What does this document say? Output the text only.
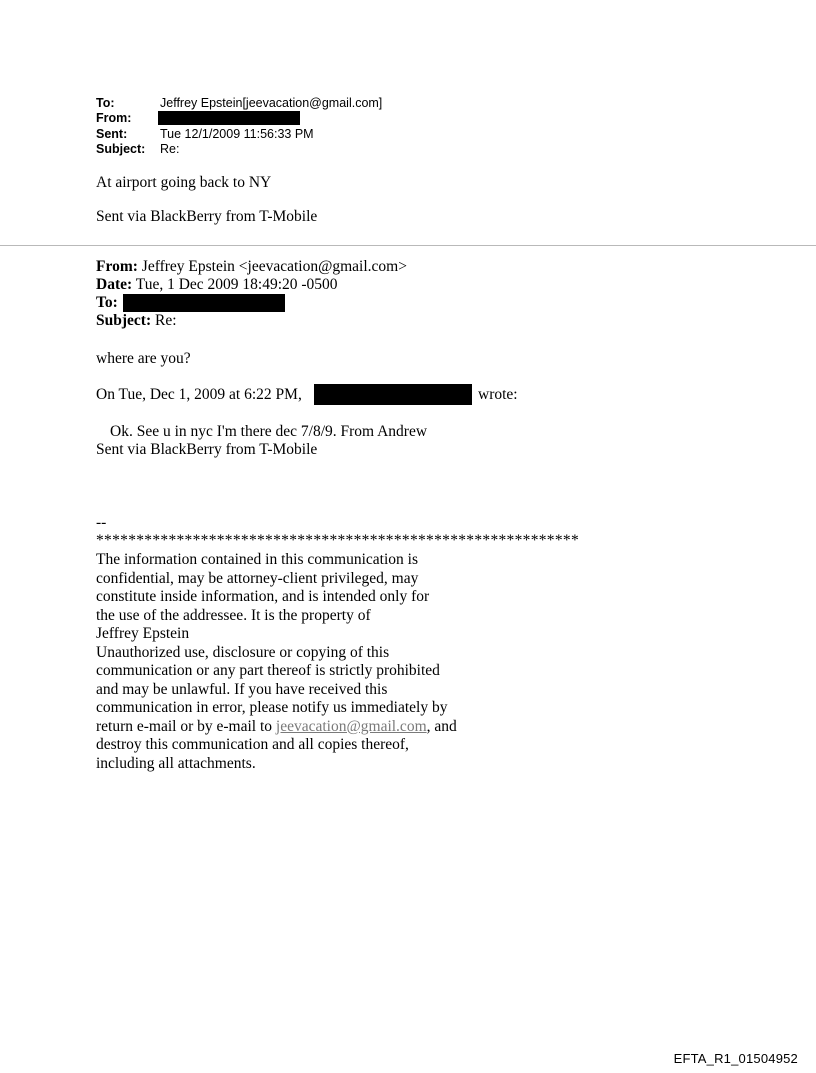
To:	Jeffrey Epstein[jeevacation@gmail.com]
From:
Sent:	Tue 12/1/2009 11:56:33 PM
Subject: Re:
At airport going back to NY
Sent via BlackBerry from T-Mobile
From: Jeffrey Epstein <jeevacation@gmail.com>
Date: Tue, 1 Dec 2009 18:49:20 -0500
To:
Subject: Re:
where are you?
On Tue, Dec 1, 2009 at 6:22 PM,	wrote:
Ok. See u in nyc I'm there dec 7/8/9. From Andrew
Sent via BlackBerry from T-Mobile
--
************************************************************
The information contained in this communication is
confidential, may be attorney-client privileged, may
constitute inside information, and is intended only for
the use of the addressee. It is the property of
Jeffrey Epstein
Unauthorized use, disclosure or copying of this
communication or any part thereof is strictly prohibited
and may be unlawful. If you have received this
communication in error, please notify us immediately by
return e-mail or by e-mail to jeevacation@gmail.com, and
destroy this communication and all copies thereof,
including all attachments.
EFTA_R1_01504952
